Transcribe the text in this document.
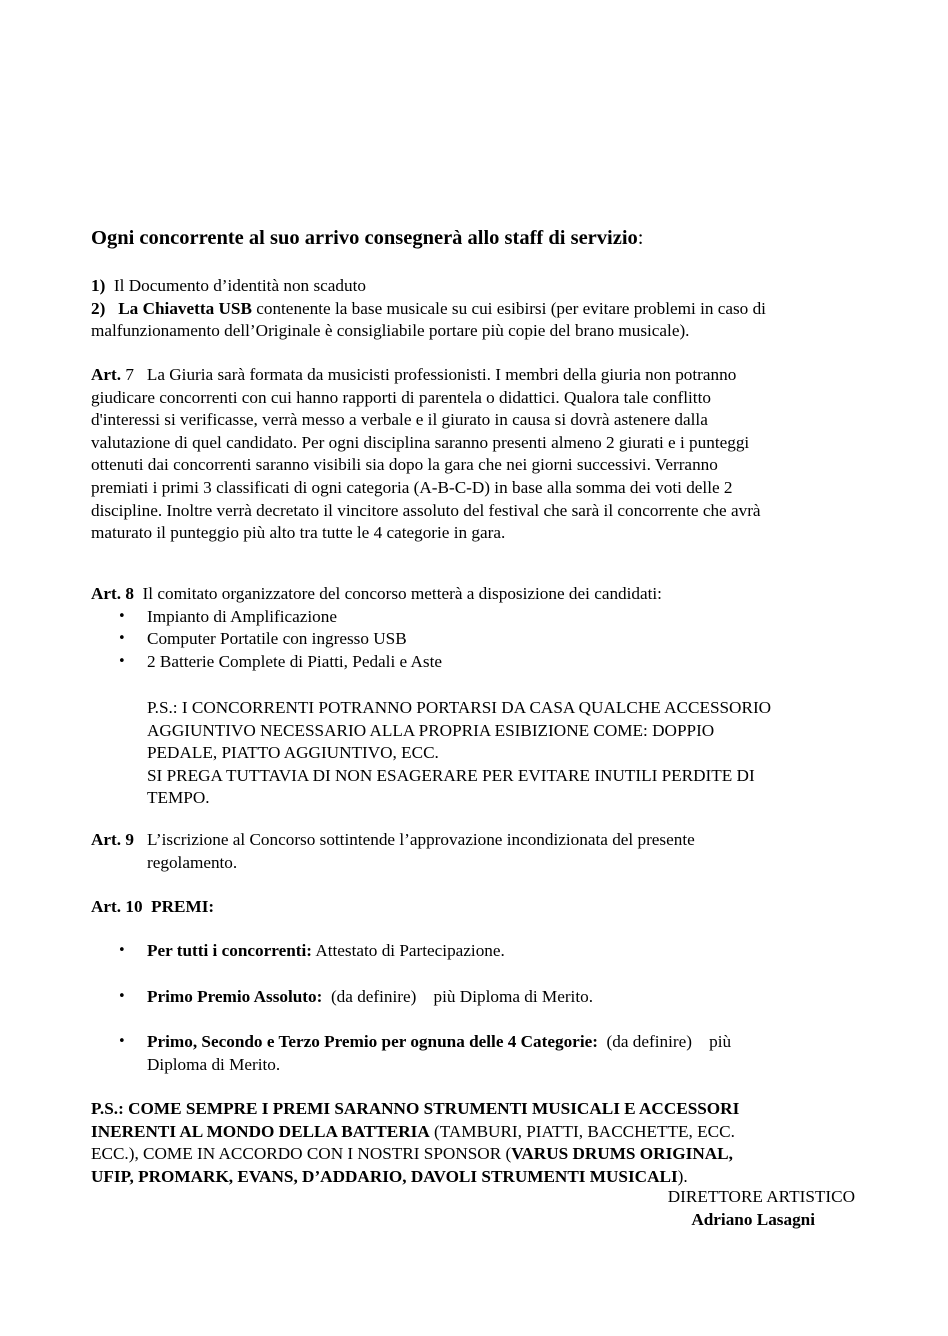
Ogni concorrente al suo arrivo consegnerà allo staff di servizio:

1) Il Documento d’identità non scaduto

2) La Chiavetta USB contenente la base musicale su cui esibirsi (per evitare problemi in caso di

malfunzionamento dell’Originale è consigliabile portare più copie del brano musicale).

Art. 7 La Giuria sarà formata da musicisti professionisti. I membri della giuria non potranno

giudicare concorrenti con cui hanno rapporti di parentela o didattici. Qualora tale conflitto

d'interessi si verificasse, verrà messo a verbale e il giurato in causa si dovrà astenere dalla

valutazione di quel candidato. Per ogni disciplina saranno presenti almeno 2 giurati e i punteggi

ottenuti dai concorrenti saranno visibili sia dopo la gara che nei giorni successivi. Verranno

premiati i primi 3 classificati di ogni categoria (A-B-C-D) in base alla somma dei voti delle 2

discipline. Inoltre verrà decretato il vincitore assoluto del festival che sarà il concorrente che avrà

maturato il punteggio più alto tra tutte le 4 categorie in gara.

Art. 8 Il comitato organizzatore del concorso metterà a disposizione dei candidati:

• Impianto di Amplificazione
• Computer Portatile con ingresso USB
• 2 Batterie Complete di Piatti, Pedali e Aste

P.S.: I CONCORRENTI POTRANNO PORTARSI DA CASA QUALCHE ACCESSORIO

AGGIUNTIVO NECESSARIO ALLA PROPRIA ESIBIZIONE COME: DOPPIO

PEDALE, PIATTO AGGIUNTIVO, ECC.

SI PREGA TUTTAVIA DI NON ESAGERARE PER EVITARE INUTILI PERDITE DI

TEMPO.

Art. 9 L’iscrizione al Concorso sottintende l’approvazione incondizionata del presente

regolamento.

Art. 10 PREMI:

• Per tutti i concorrenti: Attestato di Partecipazione.
• Primo Premio Assoluto: (da definire)    più Diploma di Merito.
• Primo, Secondo e Terzo Premio per ognuna delle 4 Categorie: (da definire)    più
Diploma di Merito.

P.S.: COME SEMPRE I PREMI SARANNO STRUMENTI MUSICALI E ACCESSORI

INERENTI AL MONDO DELLA BATTERIA (TAMBURI, PIATTI, BACCHETTE, ECC.

ECC.), COME IN ACCORDO CON I NOSTRI SPONSOR (VARUS DRUMS ORIGINAL,

UFIP, PROMARK, EVANS, D’ADDARIO, DAVOLI STRUMENTI MUSICALI).

DIRETTORE ARTISTICO
Adriano Lasagni
